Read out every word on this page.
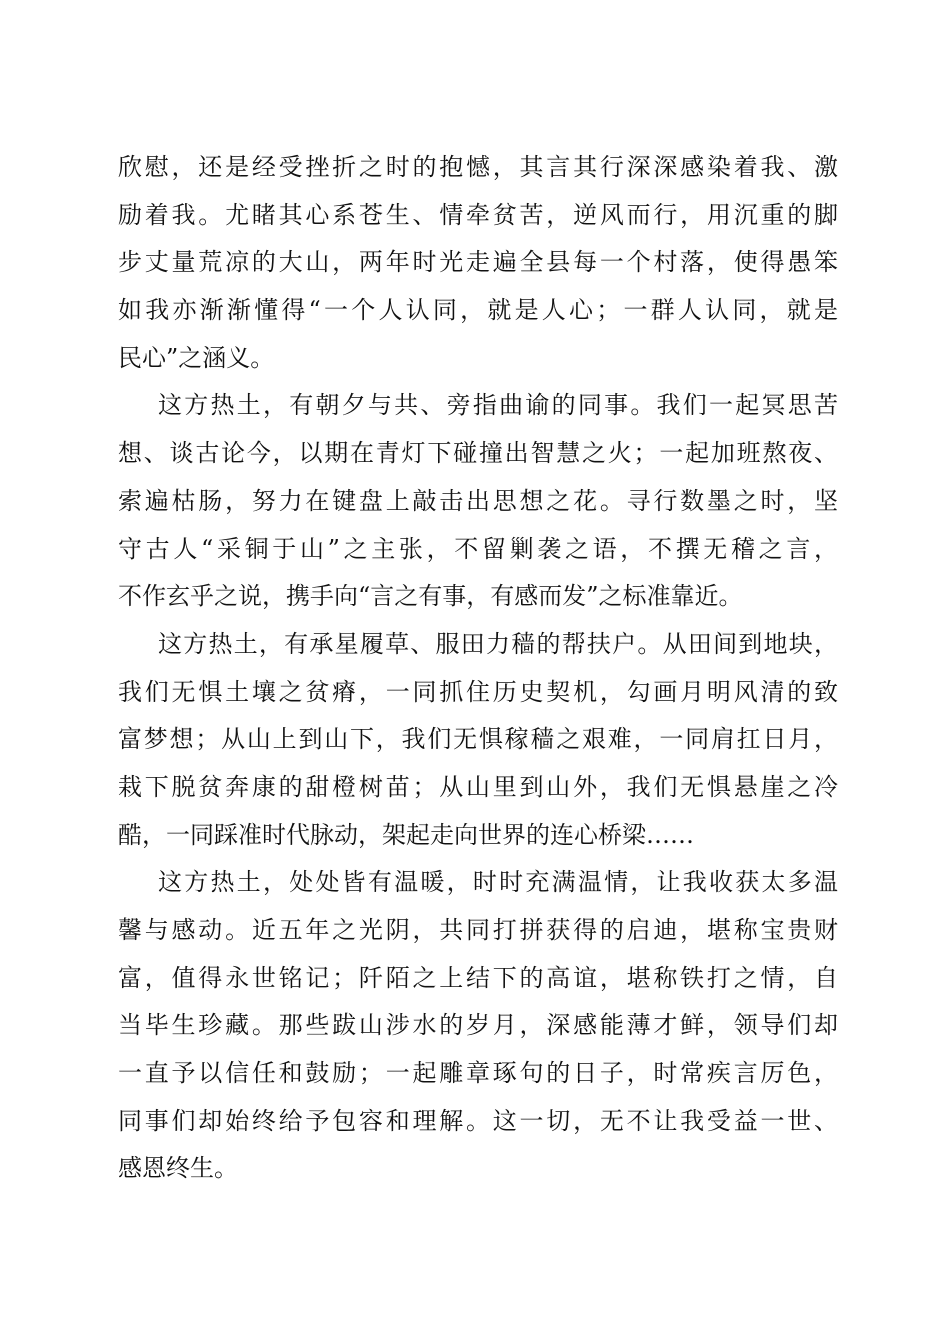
欣慰，还是经受挫折之时的抱憾，其言其行深深感染着我、激
励着我。尤睹其心系苍生、情牵贫苦，逆风而行，用沉重的脚
步丈量荒凉的大山，两年时光走遍全县每一个村落，使得愚笨
如我亦渐渐懂得“一个人认同，就是人心；一群人认同，就是
民心”之涵义。
这方热土，有朝夕与共、旁指曲谕的同事。我们一起冥思苦
想、谈古论今，以期在青灯下碰撞出智慧之火；一起加班熬夜、
索遍枯肠，努力在键盘上敲击出思想之花。寻行数墨之时，坚
守古人“采铜于山”之主张，不留剿袭之语，不撰无稽之言，
不作玄乎之说，携手向“言之有事，有感而发”之标准靠近。
这方热土，有承星履草、服田力穑的帮扶户。从田间到地块，
我们无惧土壤之贫瘠，一同抓住历史契机，勾画月明风清的致
富梦想；从山上到山下，我们无惧稼穑之艰难，一同肩扛日月，
栽下脱贫奔康的甜橙树苗；从山里到山外，我们无惧悬崖之冷
酷，一同踩准时代脉动，架起走向世界的连心桥梁……
这方热土，处处皆有温暖，时时充满温情，让我收获太多温
馨与感动。近五年之光阴，共同打拼获得的启迪，堪称宝贵财
富，值得永世铭记；阡陌之上结下的高谊，堪称铁打之情，自
当毕生珍藏。那些跋山涉水的岁月，深感能薄才鲜，领导们却
一直予以信任和鼓励；一起雕章琢句的日子，时常疾言厉色，
同事们却始终给予包容和理解。这一切，无不让我受益一世、
感恩终生。
